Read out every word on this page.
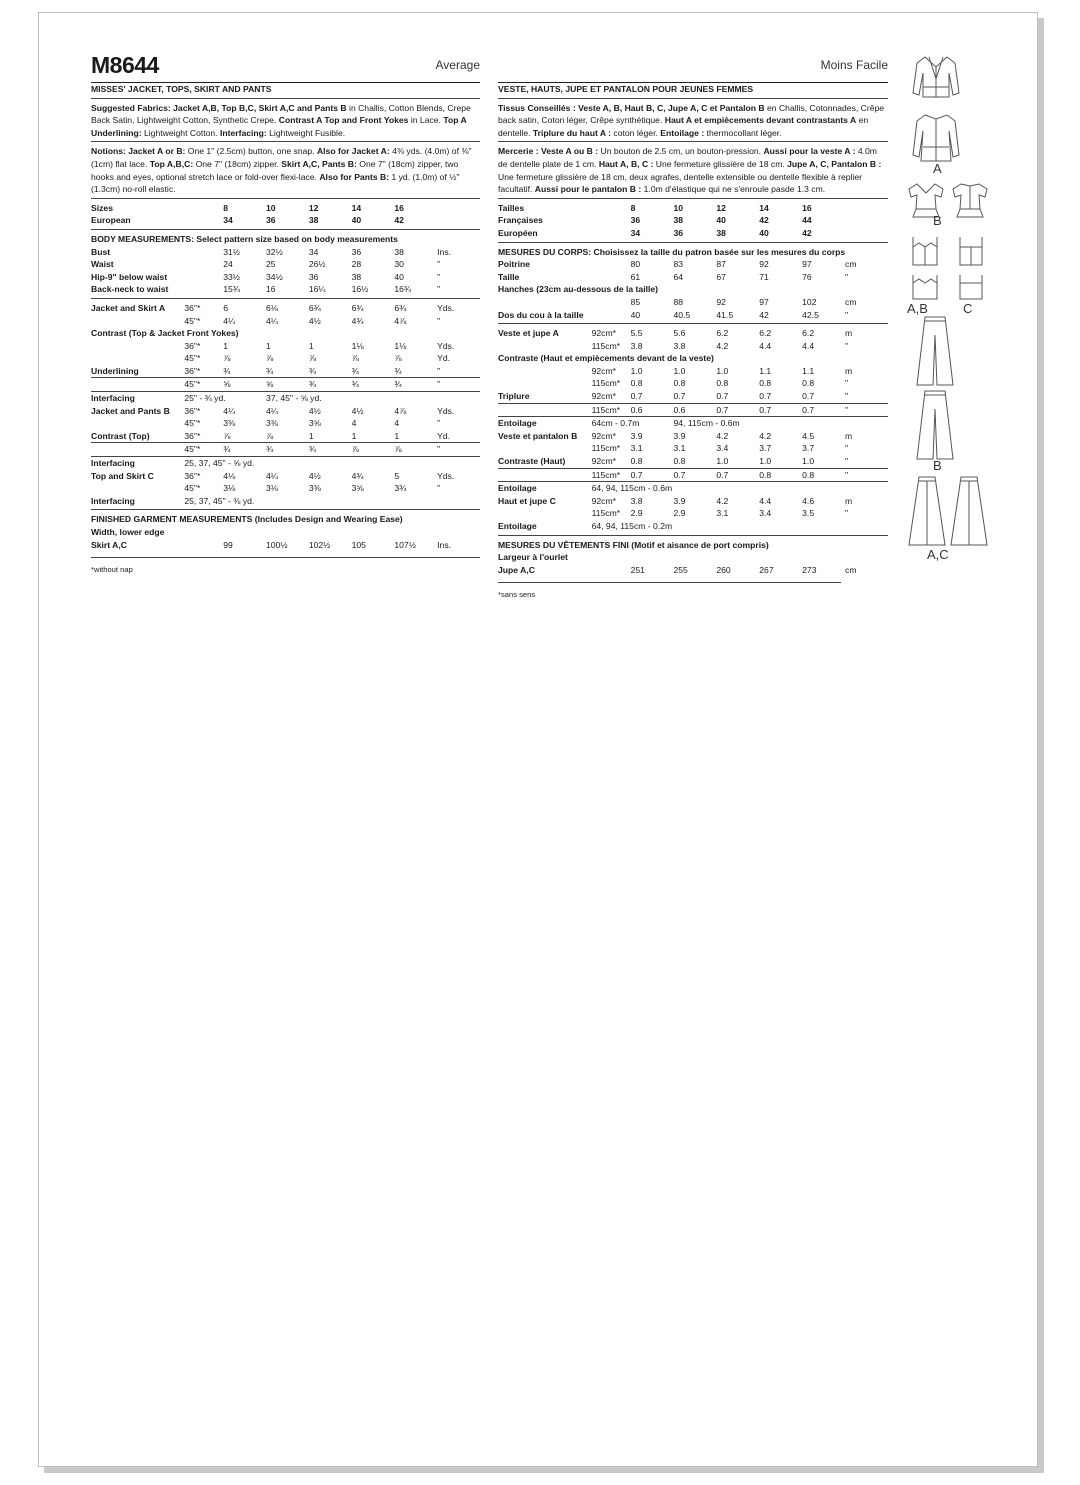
M8644	Average
MISSES' JACKET, TOPS, SKIRT AND PANTS

Suggested Fabrics: Jacket A,B, Top B,C, Skirt A,C and Pants B in Challis, Cotton Blends, Crepe Back Satin, Lightweight Cotton, Synthetic Crepe. Contrast A Top and Front Yokes in Lace. Top A Underlining: Lightweight Cotton. Interfacing: Lightweight Fusible.

Notions: Jacket A or B: One 1" (2.5cm) button, one snap. Also for Jacket A: 4⅜ yds. (4.0m) of ⅜" (1cm) flat lace. Top A,B,C: One 7" (18cm) zipper. Skirt A,C, Pants B: One 7" (18cm) zipper, two hooks and eyes, optional stretch lace or fold-over flexi-lace. Also for Pants B: 1 yd. (1.0m) of ½" (1.3cm) no-roll elastic.

Sizes	8	10	12	14	16	
European	34	36	38	40	42	
BODY MEASUREMENTS: Select pattern size based on body measurements
Bust	31½	32½	34	36	38	Ins.
Waist	24	25	26½	28	30	"
Hip-9" below waist	33½	34½	36	38	40	"
Back-neck to waist	15¾	16	16¼	16½	16¾	"
Jacket and Skirt A	36"*	6	6⅛	6¾	6¾	6¾	Yds.
	45"*	4¼	4¼	4½	4¾	4⅞	"
Contrast (Top & Jacket Front Yokes)							
	36"*	1	1	1	1⅛	1⅛	Yds.
	45"*	⅞	⅞	⅞	⅞	⅞	Yd.
Underlining	36"*	¾	¾	¾	¾	¾	"
	45"*	⅝	⅝	¾	¾	¾	"
Interfacing	25" - ¾ yd.		37, 45" - ⅝ yd.				
Jacket and Pants B	36"*	4¼	4¼	4½	4½	4⅞	Yds.
	45"*	3⅜	3⅜	3⅝	4	4	"
Contrast (Top)	36"*	⅞	⅞	1	1	1	Yd.
	45"*	¾	¾	¾	⅞	⅞	"
Interfacing	25, 37, 45" - ⅝ yd.						
Top and Skirt C	36"*	4⅛	4¼	4½	4¾	5	Yds.
	45"*	3⅛	3⅛	3⅜	3⅝	3¾	"
Interfacing	25, 37, 45" - ⅜ yd.						
FINISHED GARMENT MEASUREMENTS (Includes Design and Wearing Ease)
Width, lower edge
Skirt A,C	99	100½	102½	105	107½	Ins.
*without nap
Moins Facile
VESTE, HAUTS, JUPE ET PANTALON POUR JEUNES FEMMES

Tissus Conseillés : Veste A, B, Haut B, C, Jupe A, C et Pantalon B en Challis, Cotonnades, Crêpe back satin, Coton léger, Crêpe synthétique. Haut A et empiècements devant contrastants A en dentelle. Triplure du haut A : coton léger. Entoilage : thermocollant léger.

Mercerie : Veste A ou B : Un bouton de 2.5 cm, un bouton-pression. Aussi pour la veste A : 4.0m de dentelle plate de 1 cm. Haut A, B, C : Une fermeture glissière de 18 cm. Jupe A, C, Pantalon B : Une fermeture glissière de 18 cm, deux agrafes, dentelle extensible ou dentelle flexible à replier facultatif. Aussi pour le pantalon B : 1.0m d'élastique qui ne s'enroule pasde 1.3 cm.

Tailles	8	10	12	14	16	
Françaises	36	38	40	42	44	
Européen	34	36	38	40	42	
MESURES DU CORPS: Choisissez la taille du patron basée sur les mesures du corps
Poitrine		80	83	87	92	97	cm
Taille		61	64	67	71	76	"
Hanches (23cm au-dessous de la taille)							
		85	88	92	97	102	cm
Dos du cou à la taille		40	40.5	41.5	42	42.5	"
Veste et jupe A	92cm*	5.5	5.6	6.2	6.2	6.2	m
	115cm*	3.8	3.8	4.2	4.4	4.4	"
Contraste (Haut et empiècements devant de la veste)							
	92cm*	1.0	1.0	1.0	1.1	1.1	m
	115cm*	0.8	0.8	0.8	0.8	0.8	"
Triplure	92cm*	0.7	0.7	0.7	0.7	0.7	"
	115cm*	0.6	0.6	0.7	0.7	0.7	"
Entoilage	64cm - 0.7m		94, 115cm - 0.6m				
Veste et pantalon B	92cm*	3.9	3.9	4.2	4.2	4.5	m
	115cm*	3.1	3.1	3.4	3.7	3.7	"
Contraste (Haut)	92cm*	0.8	0.8	1.0	1.0	1.0	"
	115cm*	0.7	0.7	0.7	0.8	0.8	"
Entoilage	64, 94, 115cm - 0.6m						
Haut et jupe C	92cm*	3.8	3.9	4.2	4.4	4.6	m
	115cm*	2.9	2.9	3.1	3.4	3.5	"
Entoilage	64, 94, 115cm - 0.2m						
MESURES DU VÊTEMENTS FINI (Motif et aisance de port compris)
Largeur à l'ourlet
Jupe A,C	251	255	260	267	273	cm
*sans sens
A
B
A,B	C
B
A,C
